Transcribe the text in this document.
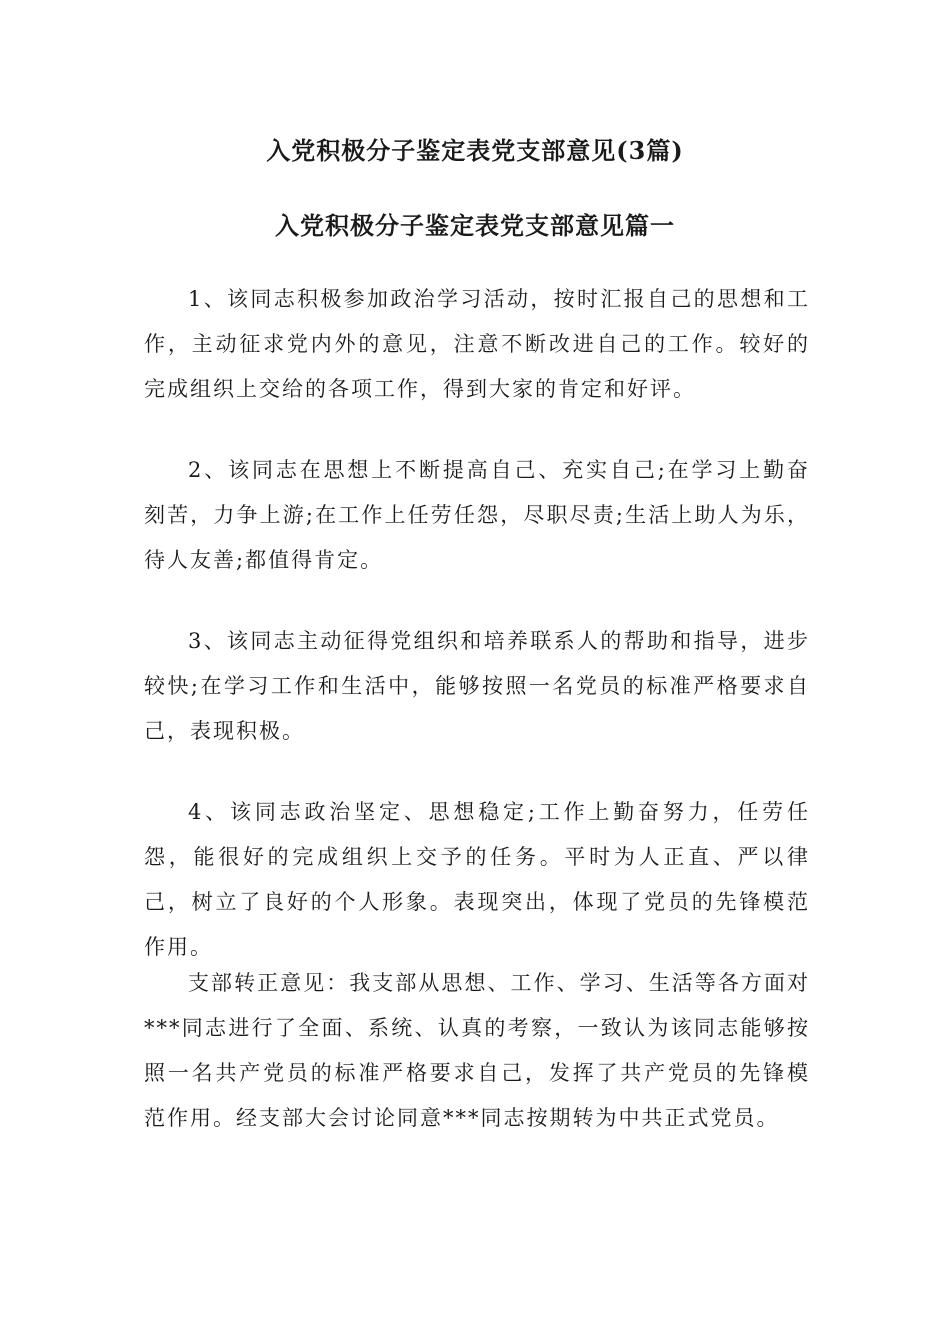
入党积极分子鉴定表党支部意见(3篇)
入党积极分子鉴定表党支部意见篇一

1、该同志积极参加政治学习活动，按时汇报自己的思想和工作，主动征求党内外的意见，注意不断改进自己的工作。较好的完成组织上交给的各项工作，得到大家的肯定和好评。

2、该同志在思想上不断提高自己、充实自己;在学习上勤奋刻苦，力争上游;在工作上任劳任怨，尽职尽责;生活上助人为乐，待人友善;都值得肯定。

3、该同志主动征得党组织和培养联系人的帮助和指导，进步较快;在学习工作和生活中，能够按照一名党员的标准严格要求自己，表现积极。

4、该同志政治坚定、思想稳定;工作上勤奋努力，任劳任怨，能很好的完成组织上交予的任务。平时为人正直、严以律己，树立了良好的个人形象。表现突出，体现了党员的先锋模范作用。

支部转正意见：我支部从思想、工作、学习、生活等各方面对***同志进行了全面、系统、认真的考察，一致认为该同志能够按照一名共产党员的标准严格要求自己，发挥了共产党员的先锋模范作用。经支部大会讨论同意***同志按期转为中共正式党员。
